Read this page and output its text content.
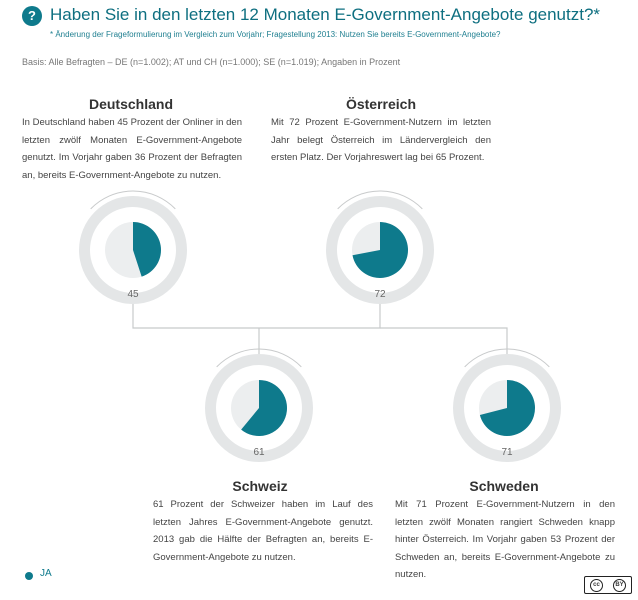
? Haben Sie in den letzten 12 Monaten E-Government-Angebote genutzt?*

* Änderung der Frageformulierung im Vergleich zum Vorjahr; Fragestellung 2013: Nutzen Sie bereits E-Government-Angebote?

Basis: Alle Befragten – DE (n=1.002); AT und CH (n=1.000); SE (n=1.019); Angaben in Prozent

45	72
61	71
Deutschland

In Deutschland haben 45 Prozent der Onliner in den letzten zwölf Monaten E-Government-Angebote genutzt. Im Vorjahr gaben 36 Prozent der Befragten an, bereits E-Government-Angebote zu nutzen.

Österreich

Mit 72 Prozent E-Government-Nutzern im letzten Jahr belegt Österreich im Ländervergleich den ersten Platz. Der Vorjahreswert lag bei 65 Prozent.

Schweiz

61 Prozent der Schweizer haben im Lauf des letzten Jahres E-Government-Angebote genutzt. 2013 gab die Hälfte der Befragten an, bereits E-Government-Angebote zu nutzen.

Schweden

Mit 71 Prozent E-Government-Nutzern in den letzten zwölf Monaten rangiert Schweden knapp hinter Österreich. Im Vorjahr gaben 53 Prozent der Schweden an, bereits E-Government-Angebote zu nutzen.

JA

cc	BY
